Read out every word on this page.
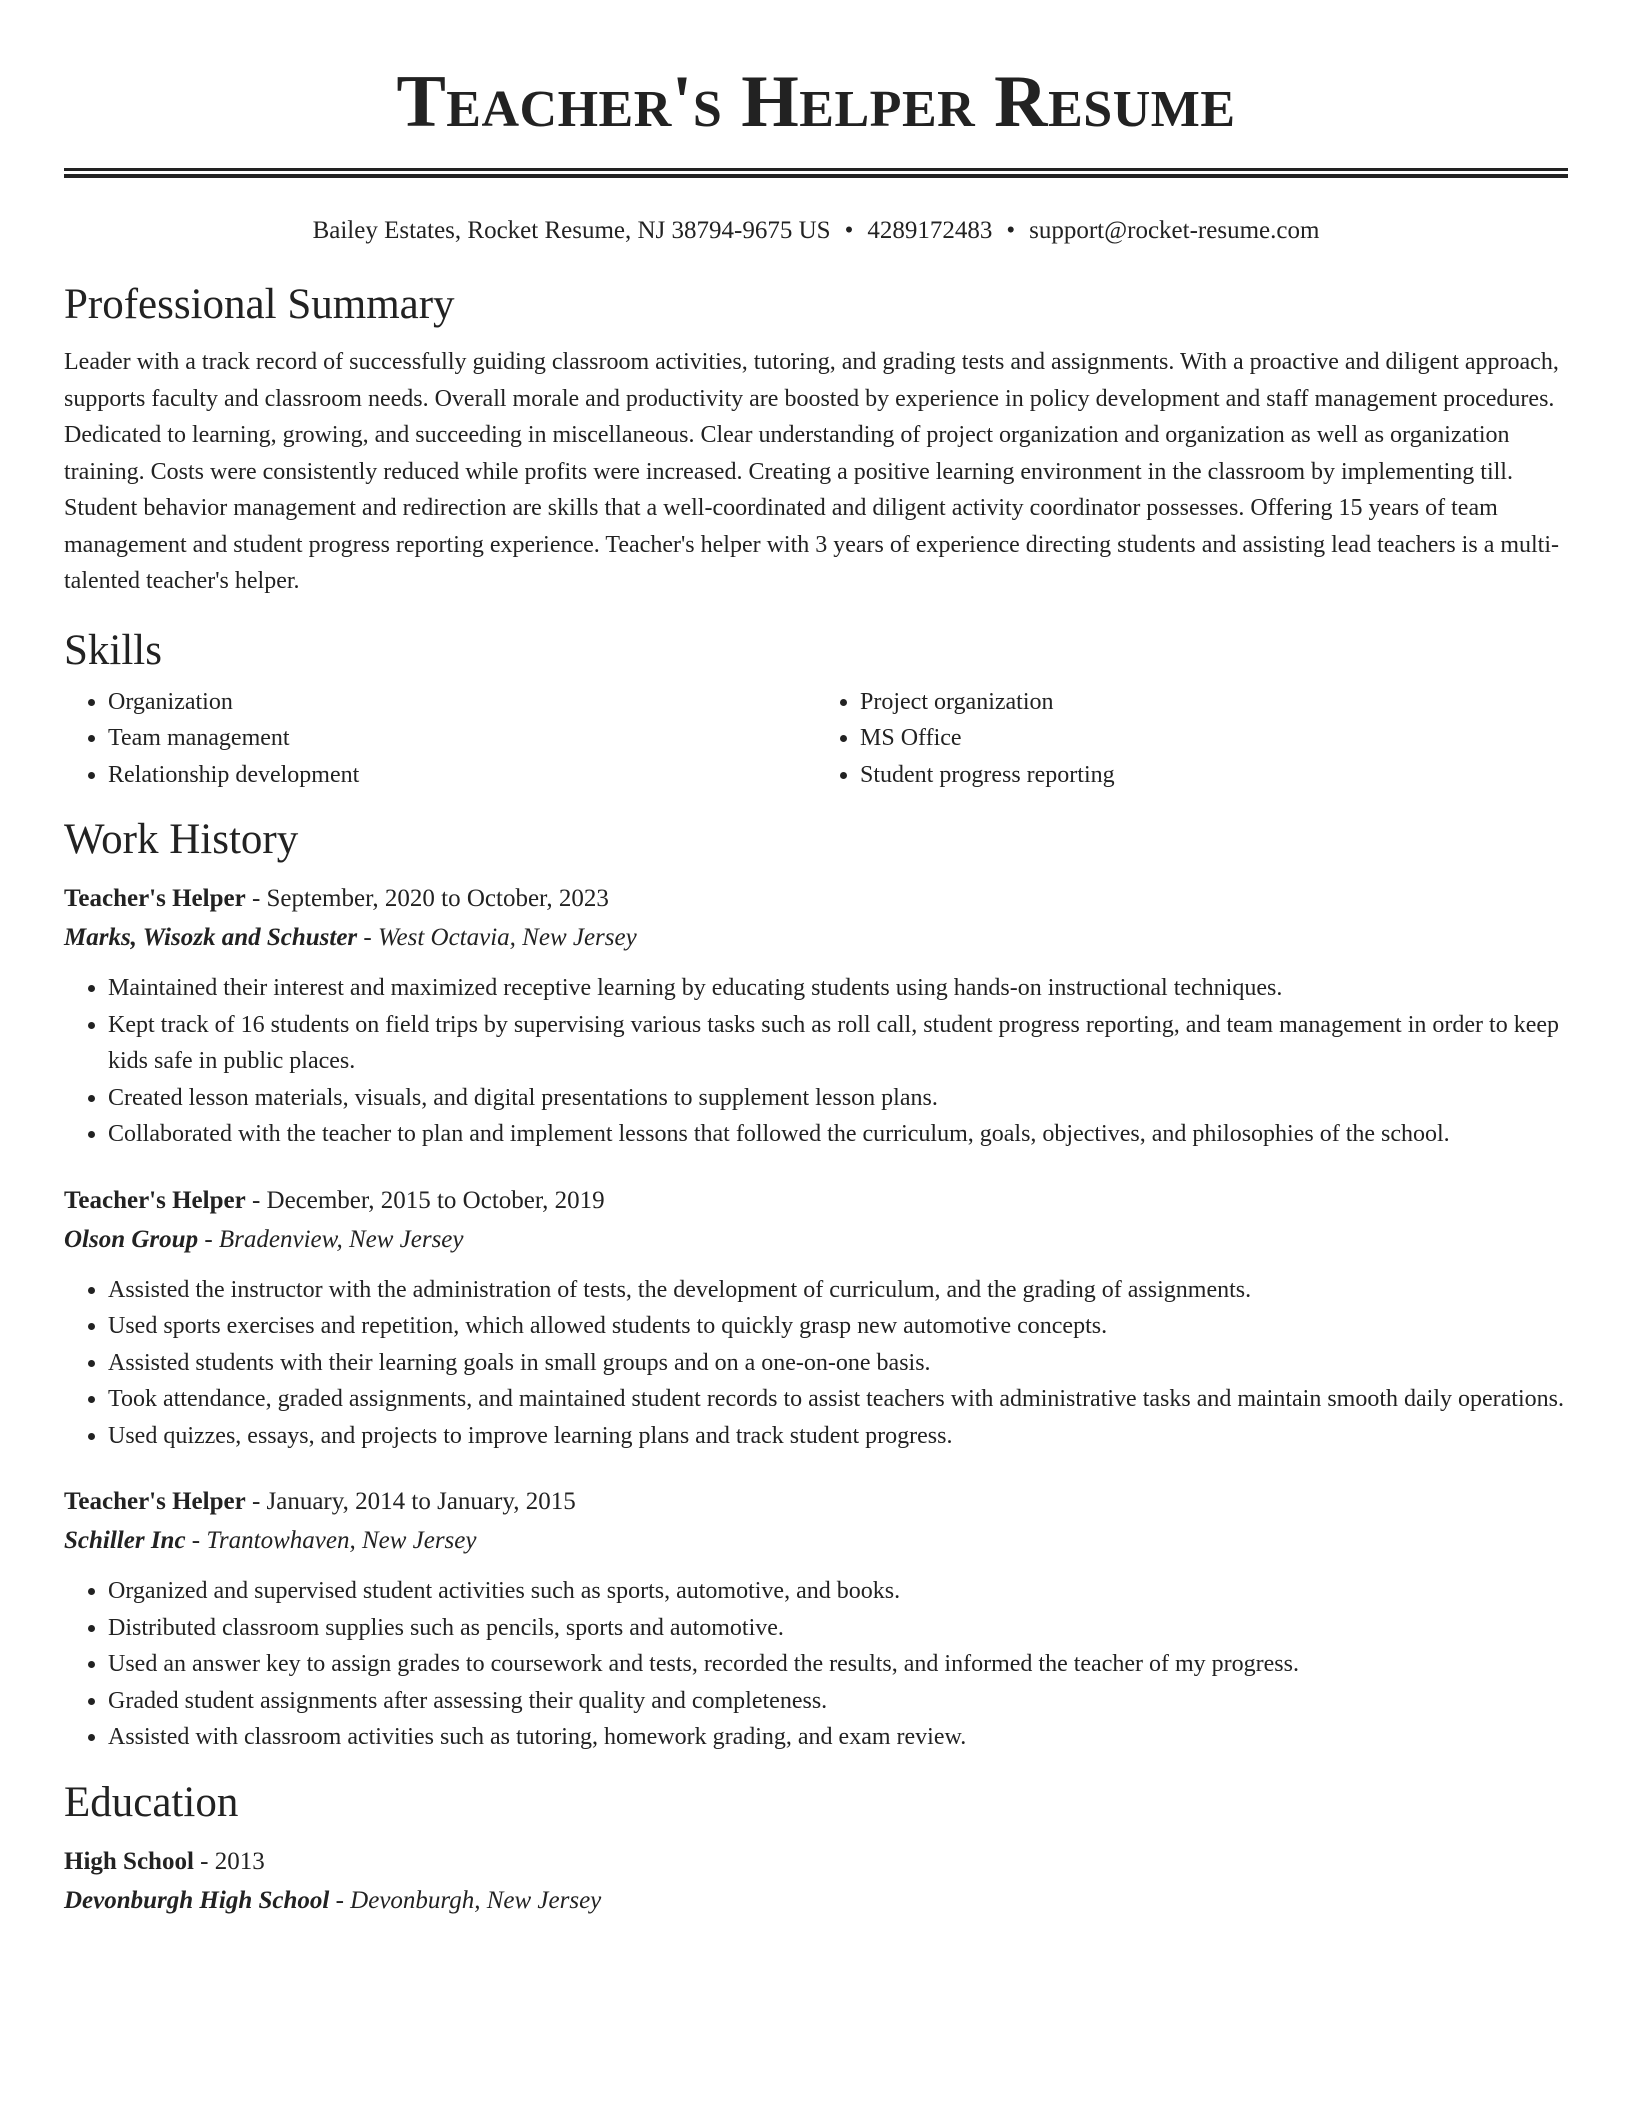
Teacher's Helper Resume
Bailey Estates, Rocket Resume, NJ 38794-9675 US • 4289172483 • support@rocket-resume.com
Professional Summary

Leader with a track record of successfully guiding classroom activities, tutoring, and grading tests and assignments. With a proactive and diligent approach, supports faculty and classroom needs. Overall morale and productivity are boosted by experience in policy development and staff management procedures. Dedicated to learning, growing, and succeeding in miscellaneous. Clear understanding of project organization and organization as well as organization training. Costs were consistently reduced while profits were increased. Creating a positive learning environment in the classroom by implementing till. Student behavior management and redirection are skills that a well-coordinated and diligent activity coordinator possesses. Offering 15 years of team management and student progress reporting experience. Teacher's helper with 3 years of experience directing students and assisting lead teachers is a multi-talented teacher's helper.

Skills
• Organization
• Team management
• Relationship development
• Project organization
• MS Office
• Student progress reporting
Work History
Teacher's Helper - September, 2020 to October, 2023
Marks, Wisozk and Schuster - West Octavia, New Jersey
• Maintained their interest and maximized receptive learning by educating students using hands-on instructional techniques.
• Kept track of 16 students on field trips by supervising various tasks such as roll call, student progress reporting, and team management in order to keep kids safe in public places.
• Created lesson materials, visuals, and digital presentations to supplement lesson plans.
• Collaborated with the teacher to plan and implement lessons that followed the curriculum, goals, objectives, and philosophies of the school.
Teacher's Helper - December, 2015 to October, 2019
Olson Group - Bradenview, New Jersey
• Assisted the instructor with the administration of tests, the development of curriculum, and the grading of assignments.
• Used sports exercises and repetition, which allowed students to quickly grasp new automotive concepts.
• Assisted students with their learning goals in small groups and on a one-on-one basis.
• Took attendance, graded assignments, and maintained student records to assist teachers with administrative tasks and maintain smooth daily operations.
• Used quizzes, essays, and projects to improve learning plans and track student progress.
Teacher's Helper - January, 2014 to January, 2015
Schiller Inc - Trantowhaven, New Jersey
• Organized and supervised student activities such as sports, automotive, and books.
• Distributed classroom supplies such as pencils, sports and automotive.
• Used an answer key to assign grades to coursework and tests, recorded the results, and informed the teacher of my progress.
• Graded student assignments after assessing their quality and completeness.
• Assisted with classroom activities such as tutoring, homework grading, and exam review.
Education
High School - 2013
Devonburgh High School - Devonburgh, New Jersey
